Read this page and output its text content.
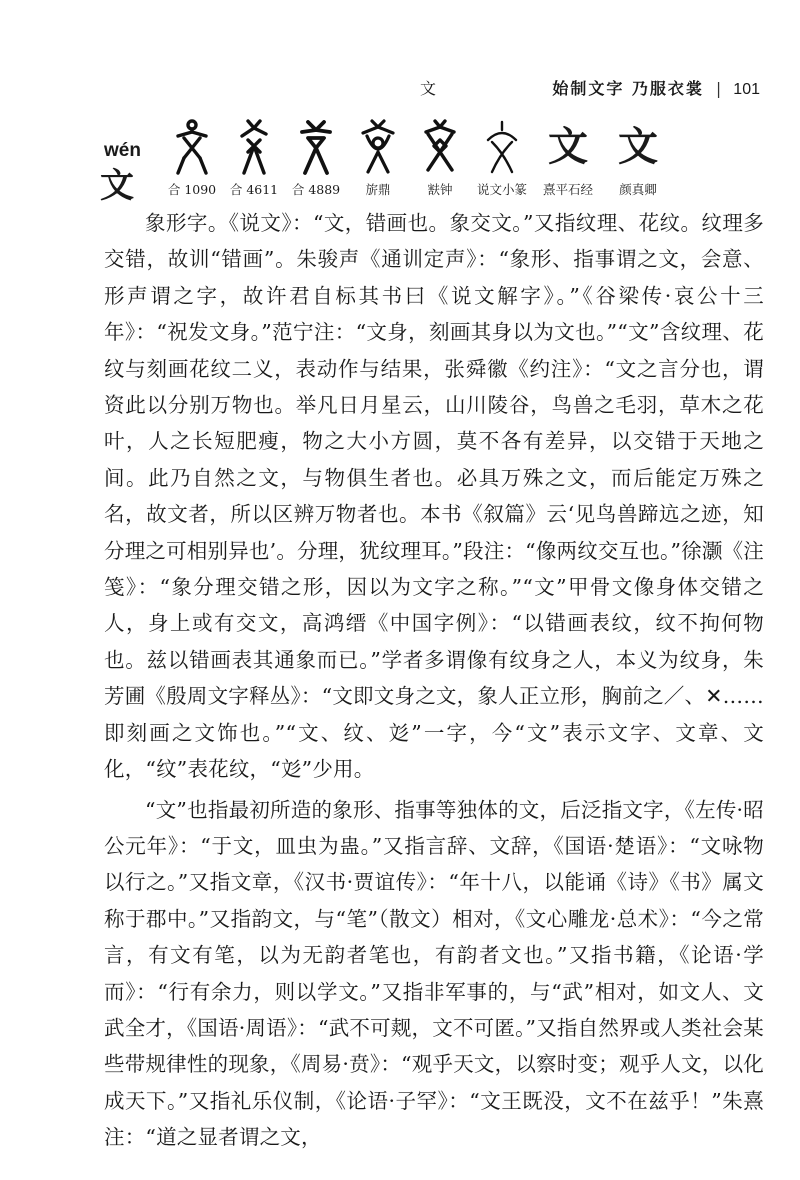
文	始制文字 乃服衣裳 | 101
wén
文	合 1090	合 4611	合 4889	旂鼎	㝬钟	说文小篆
文
熹平石经
文
颜真卿

象形字。《说文》：“文，错画也。象交文。”又指纹理、花纹。纹理多交错，故训“错画”。朱骏声《通训定声》：“象形、指事谓之文，会意、形声谓之字，故许君自标其书曰《说文解字》。”《谷梁传·哀公十三年》：“祝发文身。”范宁注：“文身，刻画其身以为文也。”“文”含纹理、花纹与刻画花纹二义，表动作与结果，张舜徽《约注》：“文之言分也，谓资此以分别万物也。举凡日月星云，山川陵谷，鸟兽之毛羽，草木之花叶，人之长短肥瘦，物之大小方圆，莫不各有差异，以交错于天地之间。此乃自然之文，与物俱生者也。必具万殊之文，而后能定万殊之名，故文者，所以区辨万物者也。本书《叙篇》云‘见鸟兽蹄迒之迹，知分理之可相别异也’。分理，犹纹理耳。”段注：“像两纹交互也。”徐灏《注笺》：“象分理交错之形，因以为文字之称。”“文”甲骨文像身体交错之人，身上或有交文，高鸿缙《中国字例》：“以错画表纹，纹不拘何物也。兹以错画表其通象而已。”学者多谓像有纹身之人，本义为纹身，朱芳圃《殷周文字释丛》：“文即文身之文，象人正立形，胸前之／、✕……即刻画之文饰也。”“文、纹、彣”一字，今“文”表示文字、文章、文化，“纹”表花纹，“彣”少用。

“文”也指最初所造的象形、指事等独体的文，后泛指文字，《左传·昭公元年》：“于文，皿虫为蛊。”又指言辞、文辞，《国语·楚语》：“文咏物以行之。”又指文章，《汉书·贾谊传》：“年十八，以能诵《诗》《书》属文称于郡中。”又指韵文，与“笔”（散文）相对，《文心雕龙·总术》：“今之常言，有文有笔，以为无韵者笔也，有韵者文也。”又指书籍，《论语·学而》：“行有余力，则以学文。”又指非军事的，与“武”相对，如文人、文武全才，《国语·周语》：“武不可觌，文不可匿。”又指自然界或人类社会某些带规律性的现象，《周易·贲》：“观乎天文，以察时变；观乎人文，以化成天下。”又指礼乐仪制，《论语·子罕》：“文王既没，文不在兹乎！”朱熹注：“道之显者谓之文，
